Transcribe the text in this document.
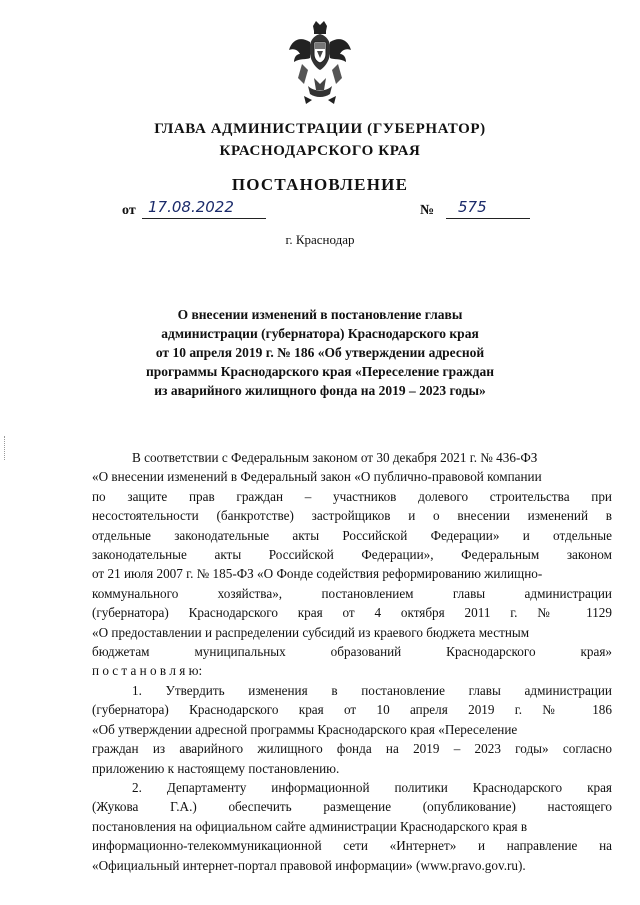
ГЛАВА АДМИНИСТРАЦИИ (ГУБЕРНАТОР)
КРАСНОДАРСКОГО КРАЯ
ПОСТАНОВЛЕНИЕ
от 17.08.2022	№	575
г. Краснодар
О внесении изменений в постановление главы
администрации (губернатора) Краснодарского края
от 10 апреля 2019 г. № 186 «Об утверждении адресной
программы Краснодарского края «Переселение граждан
из аварийного жилищного фонда на 2019 – 2023 годы»
В соответствии с Федеральным законом от 30 декабря 2021 г. № 436-ФЗ
«О внесении изменений в Федеральный закон «О публично-правовой компании
по защите прав граждан – участников долевого строительства при
несостоятельности (банкротстве) застройщиков и о внесении изменений в
отдельные законодательные акты Российской Федерации» и отдельные
законодательные акты Российской Федерации», Федеральным законом
от 21 июля 2007 г. № 185-ФЗ «О Фонде содействия реформированию жилищно-
коммунального хозяйства», постановлением главы администрации
(губернатора) Краснодарского края от 4 октября 2011 г. № 1129
«О предоставлении и распределении субсидий из краевого бюджета местным
бюджетам муниципальных образований Краснодарского края»
п о с т а н о в л я ю:
1. Утвердить изменения в постановление главы администрации
(губернатора) Краснодарского края от 10 апреля 2019 г. № 186
«Об утверждении адресной программы Краснодарского края «Переселение
граждан из аварийного жилищного фонда на 2019 – 2023 годы» согласно
приложению к настоящему постановлению.
2. Департаменту информационной политики Краснодарского края
(Жукова Г.А.) обеспечить размещение (опубликование) настоящего
постановления на официальном сайте администрации Краснодарского края в
информационно-телекоммуникационной сети «Интернет» и направление на
«Официальный интернет-портал правовой информации» (www.pravo.gov.ru).
